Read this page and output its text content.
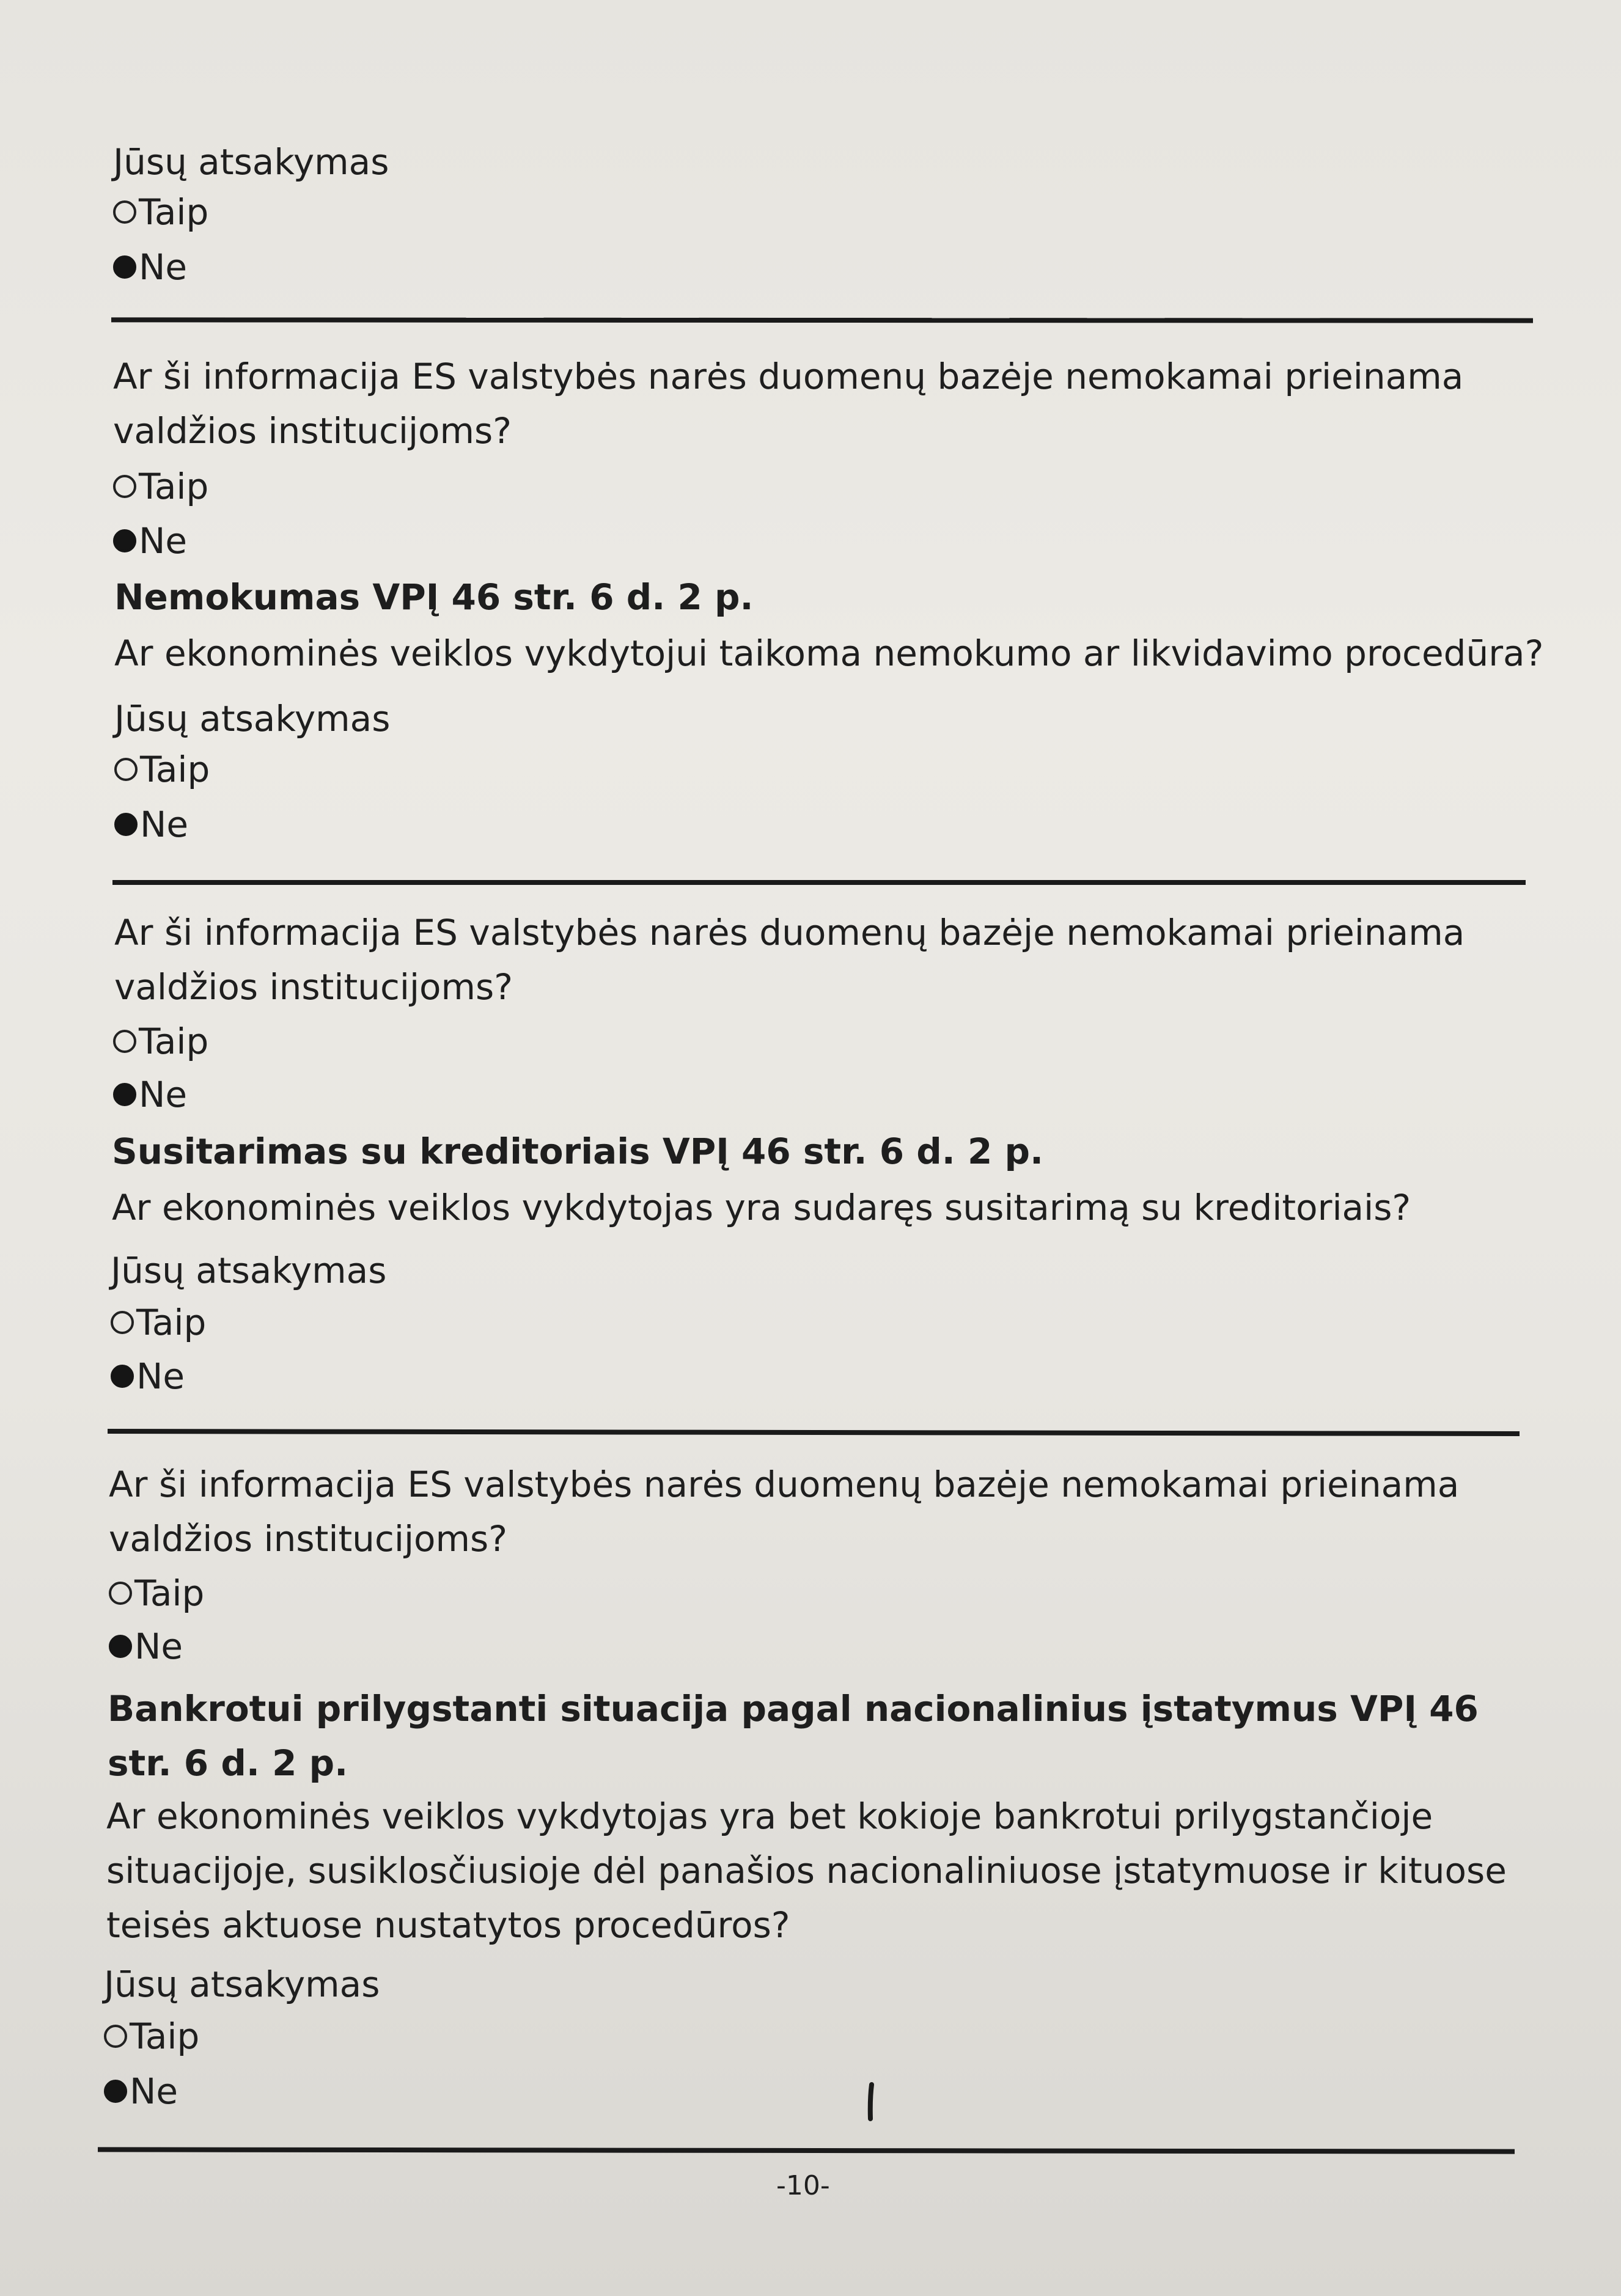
Jūsų atsakymas
Taip
Ne
Ar ši informacija ES valstybės narės duomenų bazėje nemokamai prieinama valdžios institucijoms?
Taip
Ne
Nemokumas VPĮ 46 str. 6 d. 2 p.
Ar ekonominės veiklos vykdytojui taikoma nemokumo ar likvidavimo procedūra?
Jūsų atsakymas
Taip
Ne
Ar ši informacija ES valstybės narės duomenų bazėje nemokamai prieinama valdžios institucijoms?
Taip
Ne
Susitarimas su kreditoriais VPĮ 46 str. 6 d. 2 p.
Ar ekonominės veiklos vykdytojas yra sudaręs susitarimą su kreditoriais?
Jūsų atsakymas
Taip
Ne
Ar ši informacija ES valstybės narės duomenų bazėje nemokamai prieinama valdžios institucijoms?
Taip
Ne
Bankrotui prilygstanti situacija pagal nacionalinius įstatymus VPĮ 46 str. 6 d. 2 p.
Ar ekonominės veiklos vykdytojas yra bet kokioje bankrotui prilygstančioje situacijoje, susiklosčiusioje dėl panašios nacionaliniuose įstatymuose ir kituose teisės aktuose nustatytos procedūros?
Jūsų atsakymas
Taip
Ne
-10-
